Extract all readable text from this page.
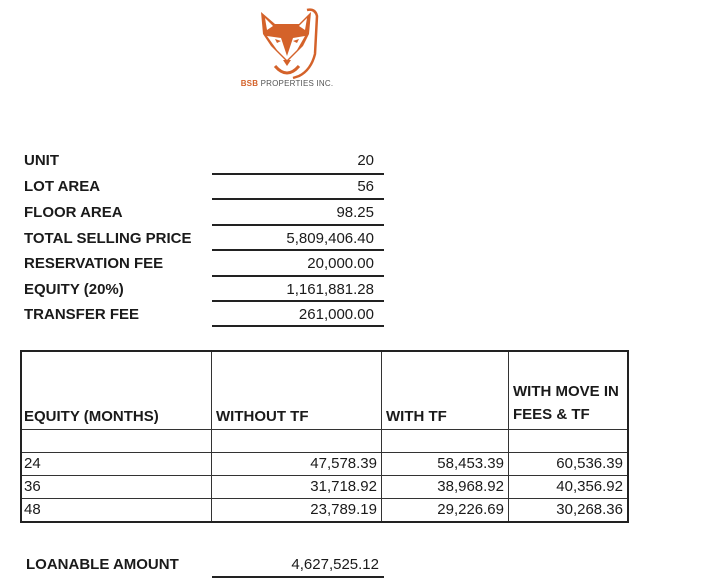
BSB PROPERTIES INC.
UNIT	20
LOT AREA	56
FLOOR AREA	98.25
TOTAL SELLING PRICE	5,809,406.40
RESERVATION FEE	20,000.00
EQUITY (20%)	1,161,881.28
TRANSFER FEE	261,000.00
EQUITY (MONTHS)	WITHOUT TF	WITH TF	WITH MOVE IN FEES & TF

24	47,578.39	58,453.39	60,536.39
36	31,718.92	38,968.92	40,356.92
48	23,789.19	29,226.69	30,268.36
LOANABLE AMOUNT	4,627,525.12
